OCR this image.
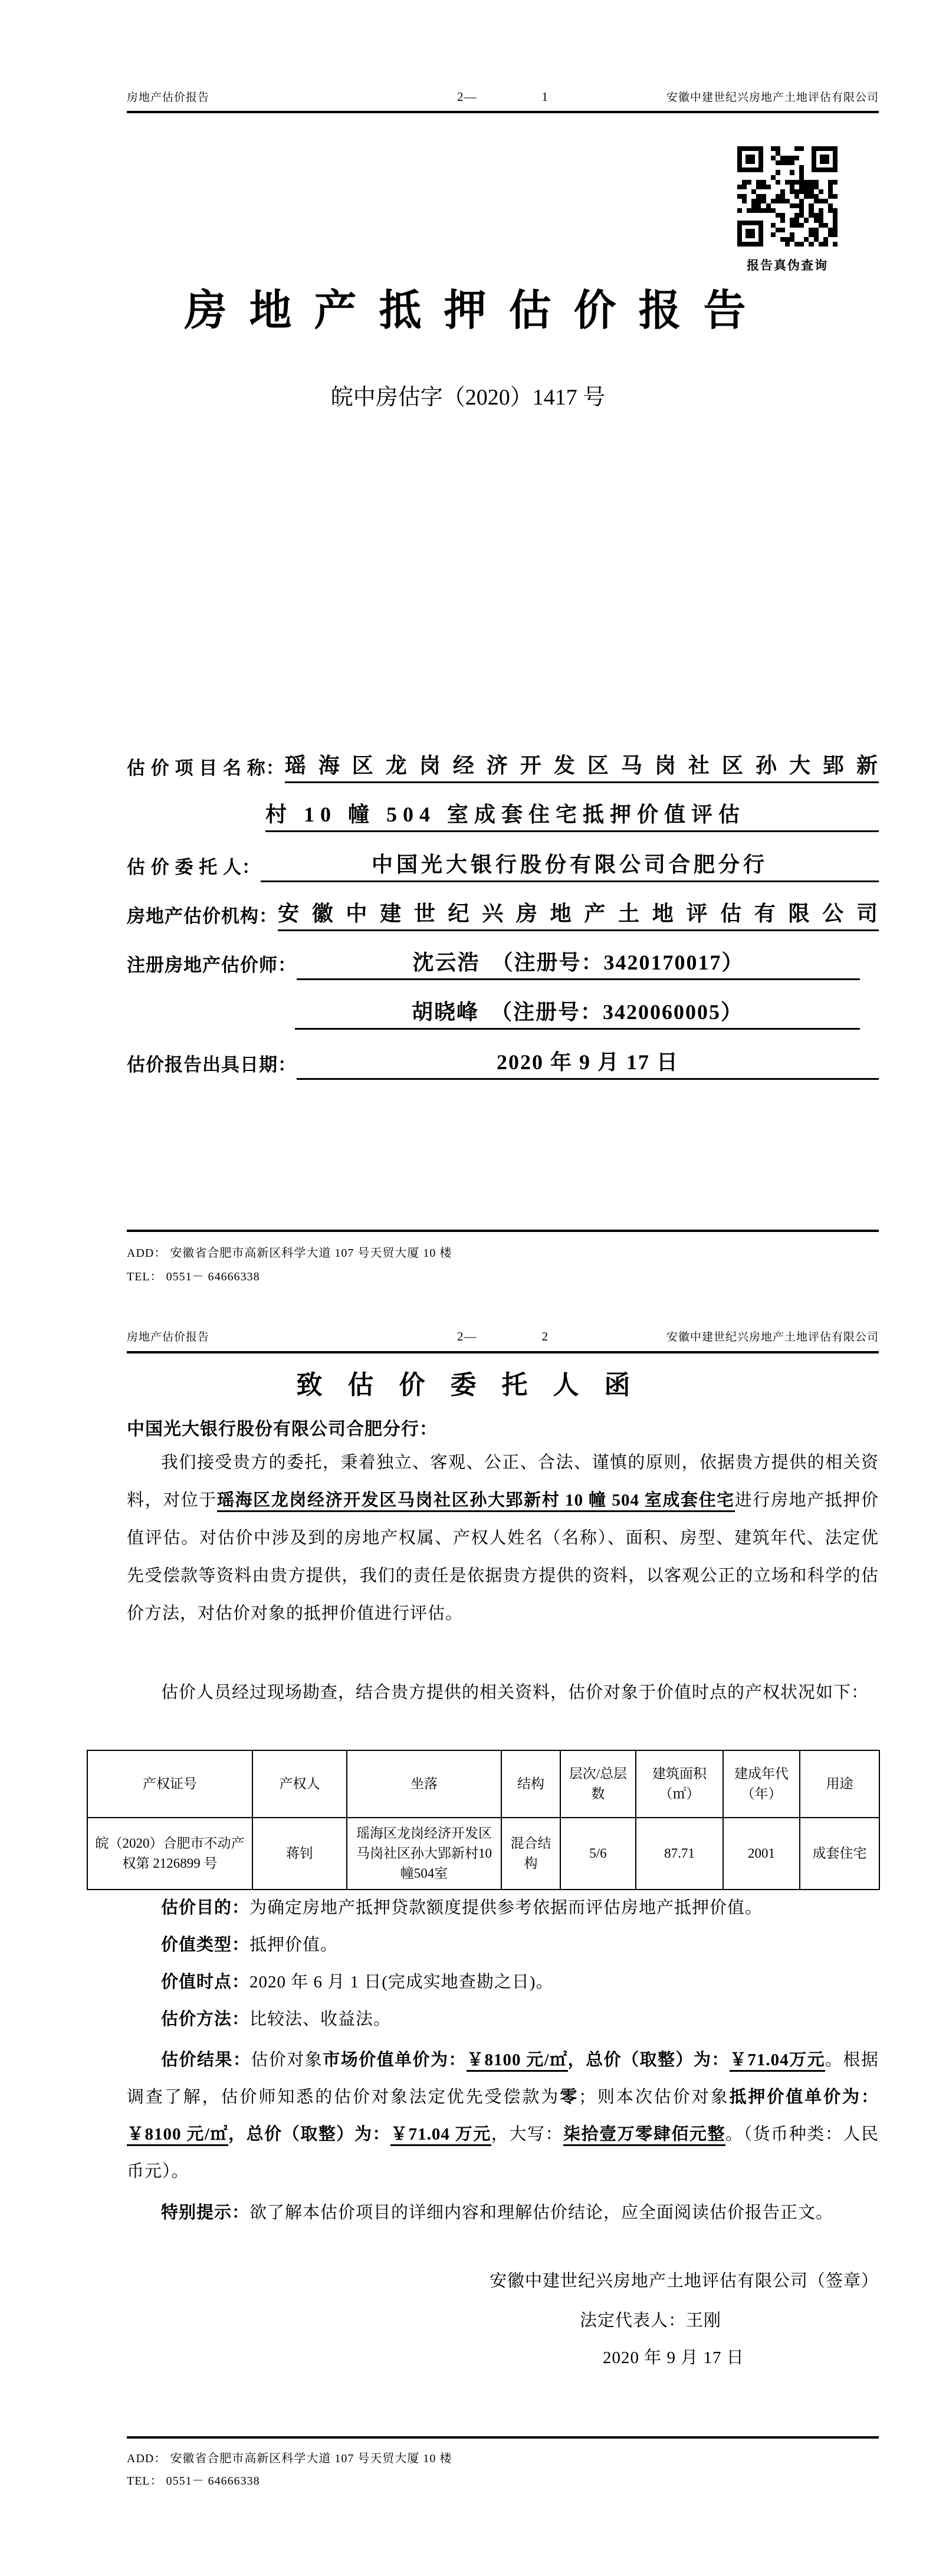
房地产估价报告	2—	1	安徽中建世纪兴房地产土地评估有限公司
报告真伪查询
房 地 产 抵 押 估 价 报 告
皖中房估字（2020）1417 号
估 价 项 目 名 称： 瑶海区龙岗经济开发区马岗社区孙大郢新
村 10 幢 504 室成套住宅抵押价值评估
估 价 委 托 人：	中国光大银行股份有限公司合肥分行
房地产估价机构： 安徽中建世纪兴房地产土地评估有限公司
注册房地产估价师：	沈云浩　（注册号：3420170017）
胡晓峰　（注册号：3420060005）
估价报告出具日期：	2020 年 9 月 17 日
ADD： 安徽省合肥市高新区科学大道 107 号天贸大厦 10 楼
TEL： 0551－ 64666338
房地产估价报告	2—	2	安徽中建世纪兴房地产土地评估有限公司
致 估 价 委 托 人 函
中国光大银行股份有限公司合肥分行：
我们接受贵方的委托，秉着独立、客观、公正、合法、谨慎的原则，依据贵方提供的相关资料，对位于瑶海区龙岗经济开发区马岗社区孙大郢新村 10 幢 504 室成套住宅进行房地产抵押价值评估。对估价中涉及到的房地产权属、产权人姓名（名称）、面积、房型、建筑年代、法定优先受偿款等资料由贵方提供，我们的责任是依据贵方提供的资料，以客观公正的立场和科学的估价方法，对估价对象的抵押价值进行评估。
估价人员经过现场勘查，结合贵方提供的相关资料，估价对象于价值时点的产权状况如下：
产权证号	产权人	坐落	结构	层次/总层数	建筑面积（㎡）	建成年代（年）	用途
皖（2020）合肥市不动产权第 2126899 号	蒋钊	瑶海区龙岗经济开发区马岗社区孙大郢新村10幢504室	混合结构	5/6	87.71	2001	成套住宅
估价目的：为确定房地产抵押贷款额度提供参考依据而评估房地产抵押价值。
价值类型：抵押价值。
价值时点：2020 年 6 月 1 日(完成实地查勘之日)。
估价方法：比较法、收益法。
估价结果：估价对象市场价值单价为：￥8100 元/㎡，总价（取整）为：￥71.04万元。根据调查了解，估价师知悉的估价对象法定优先受偿款为零；则本次估价对象抵押价值单价为：￥8100 元/㎡，总价（取整）为：￥71.04 万元，大写：柒拾壹万零肆佰元整。（货币种类：人民币元）。
特别提示：欲了解本估价项目的详细内容和理解估价结论，应全面阅读估价报告正文。
安徽中建世纪兴房地产土地评估有限公司（签章）
法定代表人：王刚
2020 年 9 月 17 日
ADD： 安徽省合肥市高新区科学大道 107 号天贸大厦 10 楼
TEL： 0551－ 64666338
